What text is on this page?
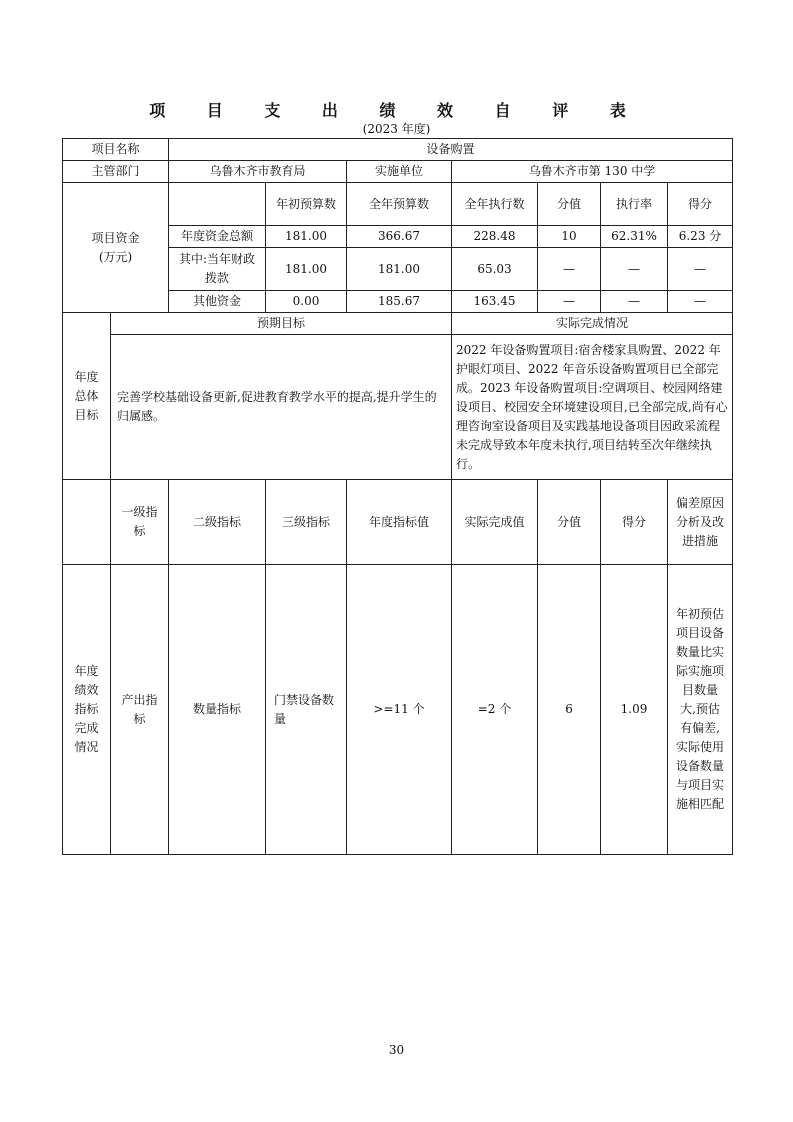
项 目 支 出 绩 效 自 评 表
(2023 年度)
项目名称		设备购置						
主管部门		乌鲁木齐市教育局		实施单位	乌鲁木齐市第 130 中学			
项目资金
(万元)			年初预算数	全年预算数	全年执行数	分值	执行率	得分
		年度资金总额	181.00	366.67	228.48	10	62.31%	6.23 分
		其中:当年财政拨款	181.00	181.00	65.03	—	—	—
		其他资金	0.00	185.67	163.45	—	—	—
年度总体目标	预期目标				实际完成情况			
	完善学校基础设备更新,促进教育教学水平的提高,提升学生的归属感。				2022 年设备购置项目:宿舍楼家具购置、2022 年护眼灯项目、2022 年音乐设备购置项目已全部完成。2023 年设备购置项目:空调项目、校园网络建设项目、校园安全环境建设项目,已全部完成,尚有心理咨询室设备项目及实践基地设备项目因政采流程未完成导致本年度未执行,项目结转至次年继续执行。			
	一级指标	二级指标	三级指标	年度指标值	实际完成值	分值	得分	偏差原因分析及改进措施
年度绩效指标完成情况	产出指标	数量指标	门禁设备数量	>=11 个	=2 个	6	1.09	年初预估项目设备数量比实际实施项目数量大,预估有偏差,实际使用设备数量与项目实施相匹配
30
